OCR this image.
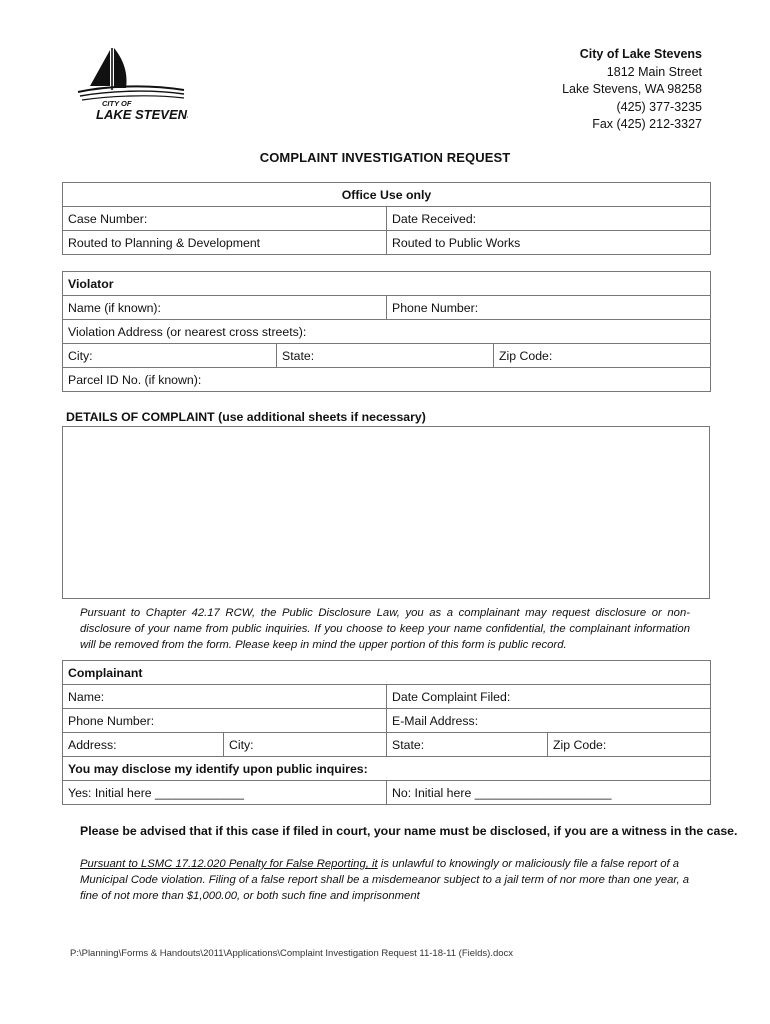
CITY OF
LAKE STEVENS
City of Lake Stevens
1812 Main Street
Lake Stevens, WA 98258
(425) 377-3235
Fax (425) 212-3327
COMPLAINT INVESTIGATION REQUEST
Office Use only	
Case Number:	Date Received:
Routed to Planning & Development	Routed to Public Works
Violator			
Name (if known):		Phone Number:	
Violation Address (or nearest cross streets):			
City:	State:		Zip Code:
Parcel ID No. (if known):			
DETAILS OF COMPLAINT (use additional sheets if necessary)
Pursuant to Chapter 42.17 RCW, the Public Disclosure Law, you as a complainant may request disclosure or non-disclosure of your name from public inquiries. If you choose to keep your name confidential, the complainant information will be removed from the form. Please keep in mind the upper portion of this form is public record.
Complainant			
Name:		Date Complaint Filed:	
Phone Number:		E-Mail Address:	
Address:	City:	State:	Zip Code:
You may disclose my identify upon public inquires:			
Yes: Initial here _____________		No: Initial here ____________________	
Please be advised that if this case if filed in court, your name must be disclosed, if you are a witness in the case.
Pursuant to LSMC 17.12.020 Penalty for False Reporting, it is unlawful to knowingly or maliciously file a false report of a Municipal Code violation. Filing of a false report shall be a misdemeanor subject to a jail term of nor more than one year, a fine of not more than $1,000.00, or both such fine and imprisonment
P:\Planning\Forms & Handouts\2011\Applications\Complaint Investigation Request 11-18-11 (Fields).docx
